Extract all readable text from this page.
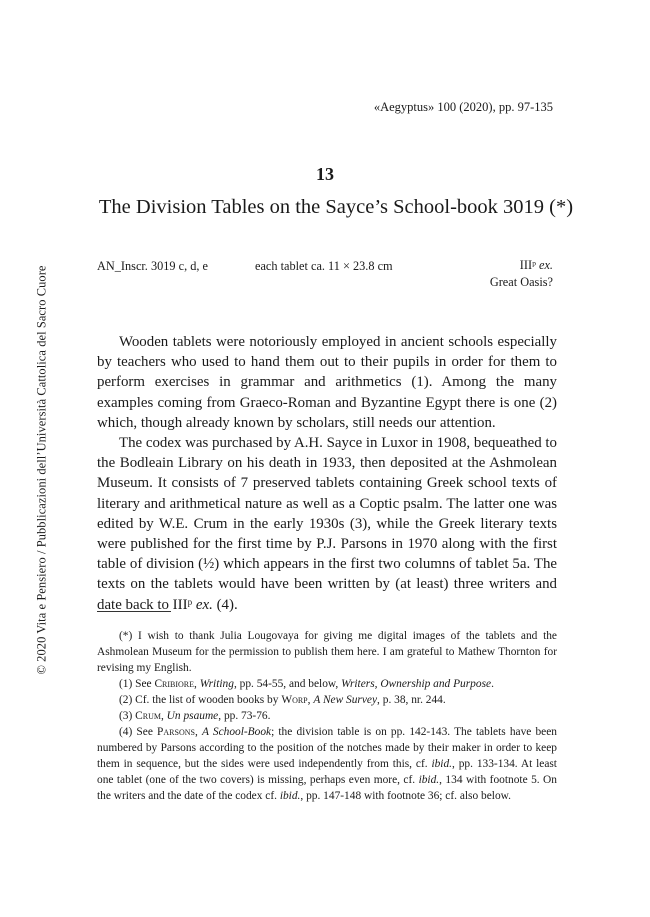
© 2020 Vita e Pensiero / Pubblicazioni dell’Università Cattolica del Sacro Cuore
«Aegyptus» 100 (2020), pp. 97-135
13
The Division Tables on the Sayce’s School-book 3019 (*)
AN_Inscr. 3019 c, d, e	each tablet ca. 11 × 23.8 cm	IIIᵖ ex.
Great Oasis?

Wooden tablets were notoriously employed in ancient schools especially by teachers who used to hand them out to their pupils in order for them to perform exercises in grammar and arithmetics (1). Among the many examples coming from Graeco-Roman and Byzantine Egypt there is one (2) which, though already known by scholars, still needs our attention.

The codex was purchased by A.H. Sayce in Luxor in 1908, bequeathed to the Bodleain Library on his death in 1933, then deposited at the Ashmolean Museum. It consists of 7 preserved tablets containing Greek school texts of literary and arithmetical nature as well as a Coptic psalm. The latter one was edited by W.E. Crum in the early 1930s (3), while the Greek literary texts were published for the first time by P.J. Parsons in 1970 along with the first table of division (½) which appears in the first two columns of tablet 5a. The texts on the tablets would have been written by (at least) three writers and date back to IIIᵖ ex. (4).

(*) I wish to thank Julia Lougovaya for giving me digital images of the tablets and the Ashmolean Museum for the permission to publish them here. I am grateful to Mathew Thornton for revising my English.

(1) See Cribiore, Writing, pp. 54-55, and below, Writers, Ownership and Purpose.

(2) Cf. the list of wooden books by Worp, A New Survey, p. 38, nr. 244.

(3) Crum, Un psaume, pp. 73-76.

(4) See Parsons, A School-Book; the division table is on pp. 142-143. The tablets have been numbered by Parsons according to the position of the notches made by their maker in order to keep them in sequence, but the sides were used independently from this, cf. ibid., pp. 133-134. At least one tablet (one of the two covers) is missing, perhaps even more, cf. ibid., 134 with footnote 5. On the writers and the date of the codex cf. ibid., pp. 147-148 with footnote 36; cf. also below.
